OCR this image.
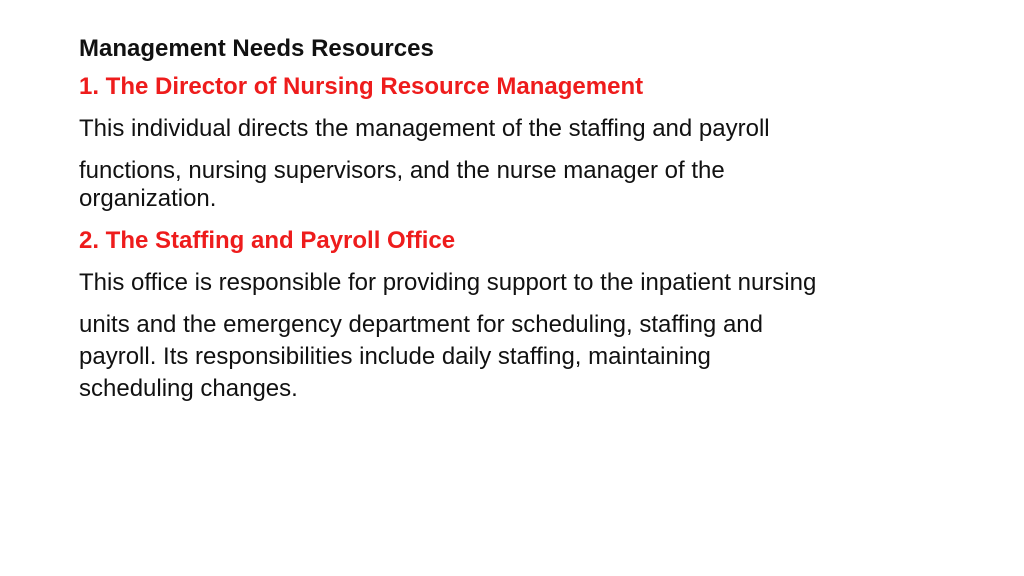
Management Needs Resources

1. The Director of Nursing Resource Management

This individual directs the management of the staffing and payroll

functions, nursing supervisors, and the nurse manager of the

organization.

2. The Staffing and Payroll Office

This office is responsible for providing support to the inpatient nursing

units and the emergency department for scheduling, staffing and

payroll. Its responsibilities include daily staffing, maintaining

scheduling changes.
